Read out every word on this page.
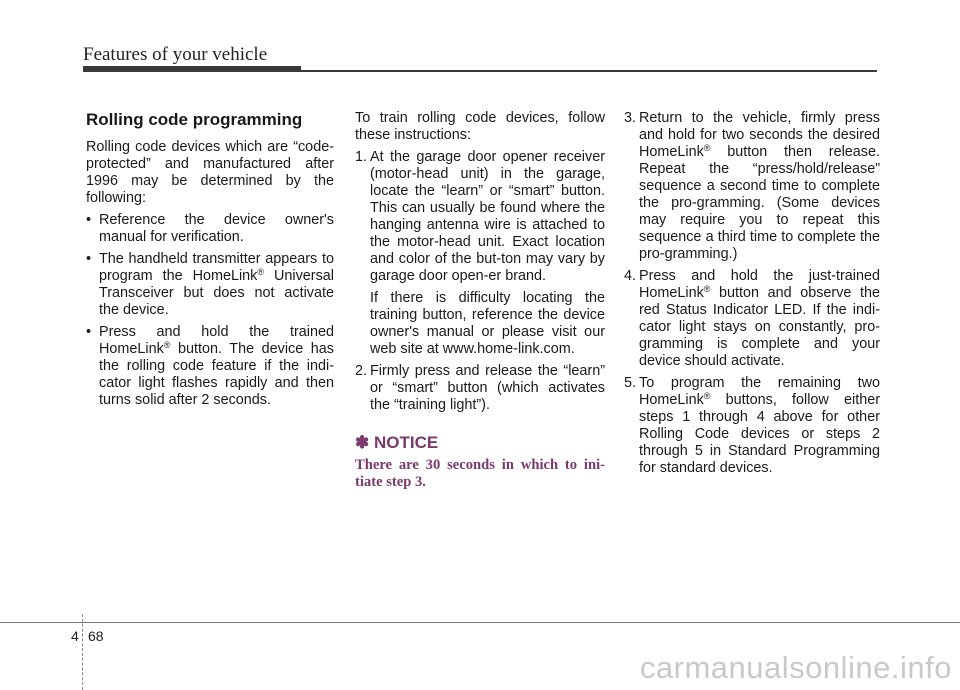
Features of your vehicle
Rolling code programming

Rolling code devices which are “code-protected” and manufactured after 1996 may be determined by the following:

• Reference the device owner's manual for verification.
• The handheld transmitter appears to program the HomeLink® Universal Transceiver but does not activate the device.
• Press and hold the trained HomeLink® button. The device has the rolling code feature if the indi-cator light flashes rapidly and then turns solid after 2 seconds.

To train rolling code devices, follow these instructions:

1. At the garage door opener receiver (motor-head unit) in the garage, locate the “learn” or “smart” button. This can usually be found where the hanging antenna wire is attached to the motor-head unit. Exact location and color of the but-ton may vary by garage door open-er brand.
If there is difficulty locating the training button, reference the device owner's manual or please visit our web site at www.home-link.com.
2. Firmly press and release the “learn” or “smart” button (which activates the “training light”).
✽ NOTICE
There are 30 seconds in which to ini-tiate step 3.
3. Return to the vehicle, firmly press and hold for two seconds the desired HomeLink® button then release. Repeat the “press/hold/release” sequence a second time to complete the pro-gramming. (Some devices may require you to repeat this sequence a third time to complete the pro-gramming.)
4. Press and hold the just-trained HomeLink® button and observe the red Status Indicator LED. If the indi-cator light stays on constantly, pro-gramming is complete and your device should activate.
5. To program the remaining two HomeLink® buttons, follow either steps 1 through 4 above for other Rolling Code devices or steps 2 through 5 in Standard Programming for standard devices.
4 68
carmanualsonline.info
